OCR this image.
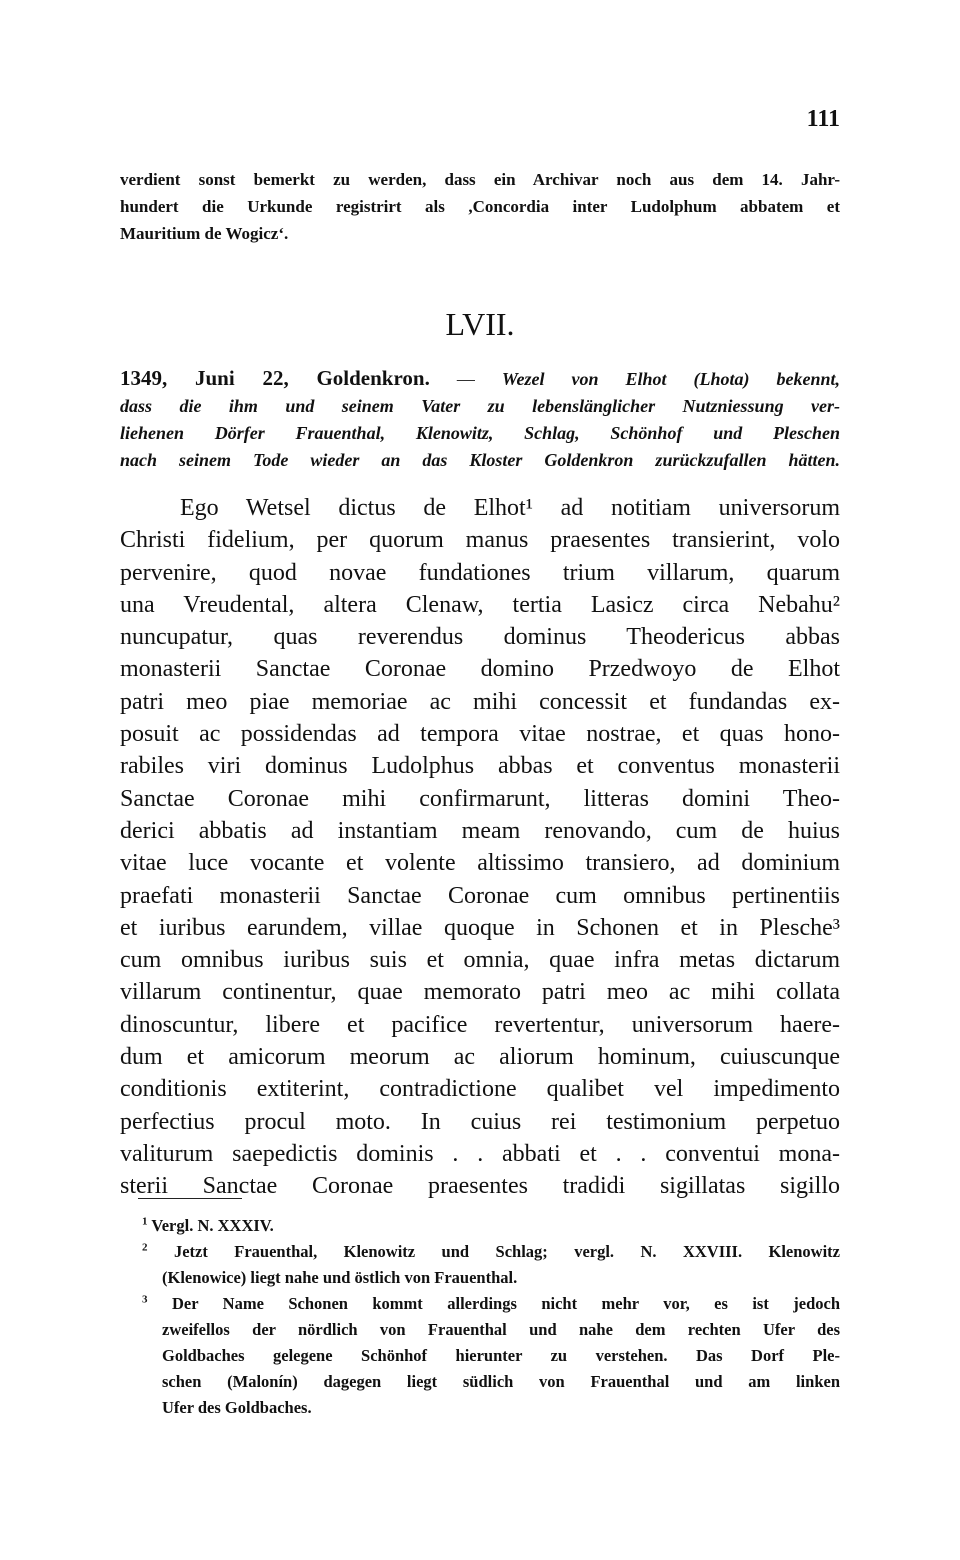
111
verdient sonst bemerkt zu werden, dass ein Archivar noch aus dem 14. Jahr-
hundert die Urkunde registrirt als ,Concordia inter Ludolphum abbatem et
Mauritium de Wogicz‘.
LVII.
1349, Juni 22, Goldenkron. — Wezel von Elhot (Lhota) bekennt,
dass die ihm und seinem Vater zu lebenslänglicher Nutzniessung ver-
liehenen Dörfer Frauenthal, Klenowitz, Schlag, Schönhof und Pleschen
nach seinem Tode wieder an das Kloster Goldenkron zurückzufallen hätten.
Ego Wetsel dictus de Elhot¹ ad notitiam universorum
Christi fidelium, per quorum manus praesentes transierint, volo
pervenire, quod novae fundationes trium villarum, quarum
una Vreudental, altera Clenaw, tertia Lasicz circa Nebahu²
nuncupatur, quas reverendus dominus Theodericus abbas
monasterii Sanctae Coronae domino Przedwoyo de Elhot
patri meo piae memoriae ac mihi concessit et fundandas ex-
posuit ac possidendas ad tempora vitae nostrae, et quas hono-
rabiles viri dominus Ludolphus abbas et conventus monasterii
Sanctae Coronae mihi confirmarunt, litteras domini Theo-
derici abbatis ad instantiam meam renovando, cum de huius
vitae luce vocante et volente altissimo transiero, ad dominium
praefati monasterii Sanctae Coronae cum omnibus pertinentiis
et iuribus earundem, villae quoque in Schonen et in Plesche³
cum omnibus iuribus suis et omnia, quae infra metas dictarum
villarum continentur, quae memorato patri meo ac mihi collata
dinoscuntur, libere et pacifice revertentur, universorum haere-
dum et amicorum meorum ac aliorum hominum, cuiuscunque
conditionis extiterint, contradictione qualibet vel impedimento
perfectius procul moto. In cuius rei testimonium perpetuo
valiturum saepedictis dominis . . abbati et . . conventui mona-
sterii Sanctae Coronae praesentes tradidi sigillatas sigillo
$^1$ Vergl. N. XXXIV.
$^2$ Jetzt Frauenthal, Klenowitz und Schlag; vergl. N. XXVIII. Klenowitz
(Klenowice) liegt nahe und östlich von Frauenthal.
$^3$ Der Name Schonen kommt allerdings nicht mehr vor, es ist jedoch
zweifellos der nördlich von Frauenthal und nahe dem rechten Ufer des
Goldbaches gelegene Schönhof hierunter zu verstehen. Das Dorf Ple-
schen (Malonín) dagegen liegt südlich von Frauenthal und am linken
Ufer des Goldbaches.
